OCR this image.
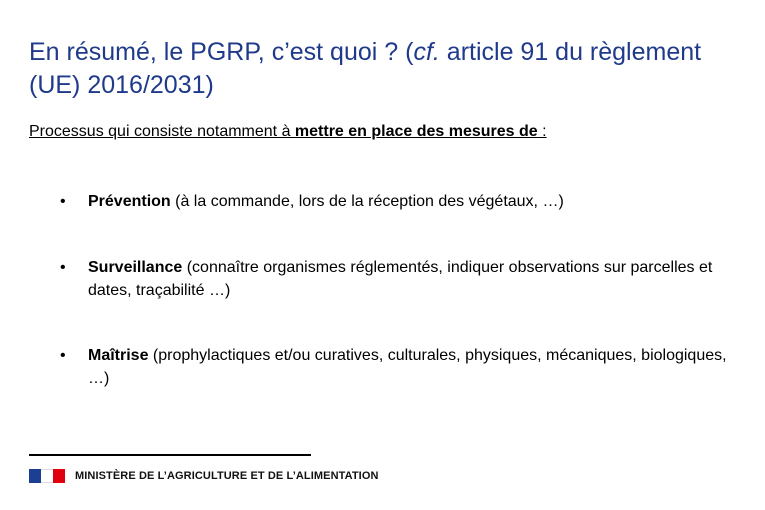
En résumé, le PGRP, c’est quoi ? (cf. article 91 du règlement (UE) 2016/2031)
Processus qui consiste notamment à mettre en place des mesures de :
• Prévention (à la commande, lors de la réception des végétaux, …)
• Surveillance (connaître organismes réglementés, indiquer observations sur parcelles et dates, traçabilité …)
• Maîtrise (prophylactiques et/ou curatives, culturales, physiques, mécaniques, biologiques, …)
MINISTÈRE DE L’AGRICULTURE ET DE L’ALIMENTATION
